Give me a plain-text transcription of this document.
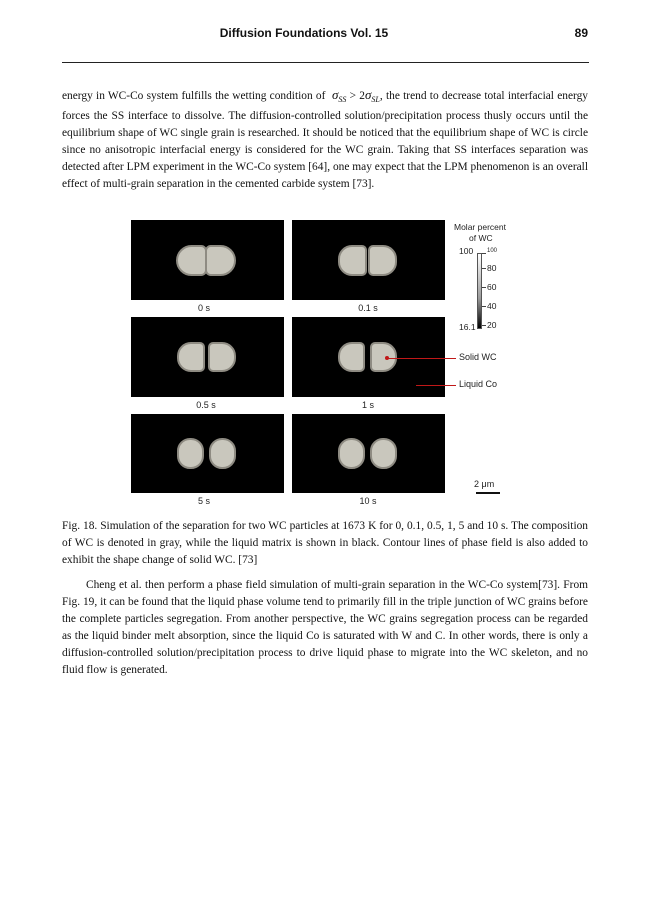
Diffusion Foundations Vol. 15	89

energy in WC-Co system fulfills the wetting condition of $\sigma_{SS} > 2\sigma_{SL}$, the trend to decrease total interfacial energy forces the SS interface to dissolve. The diffusion-controlled solution/precipitation process thusly occurs until the equilibrium shape of WC single grain is researched. It should be noticed that the equilibrium shape of WC is circle since no anisotropic interfacial energy is considered for the WC grain. Taking that SS interfaces separation was detected after LPM experiment in the WC-Co system [64], one may expect that the LPM phenomenon is an overall effect of multi-grain separation in the cemented carbide system [73].

0 s	0.1 s
0.5 s	1 s
5 s	10 s
Molar percent
of WC
100 100
80
60
40
20
16.1
Solid WC
Liquid Co
2 μm

Fig. 18. Simulation of the separation for two WC particles at 1673 K for 0, 0.1, 0.5, 1, 5 and 10 s. The composition of WC is denoted in gray, while the liquid matrix is shown in black. Contour lines of phase field is also added to exhibit the shape change of solid WC. [73]

Cheng et al. then perform a phase field simulation of multi-grain separation in the WC-Co system[73]. From Fig. 19, it can be found that the liquid phase volume tend to primarily fill in the triple junction of WC grains before the complete particles segregation. From another perspective, the WC grains segregation process can be regarded as the liquid binder melt absorption, since the liquid Co is saturated with W and C. In other words, there is only a diffusion-controlled solution/precipitation process to drive liquid phase to migrate into the WC skeleton, and no fluid flow is generated.
